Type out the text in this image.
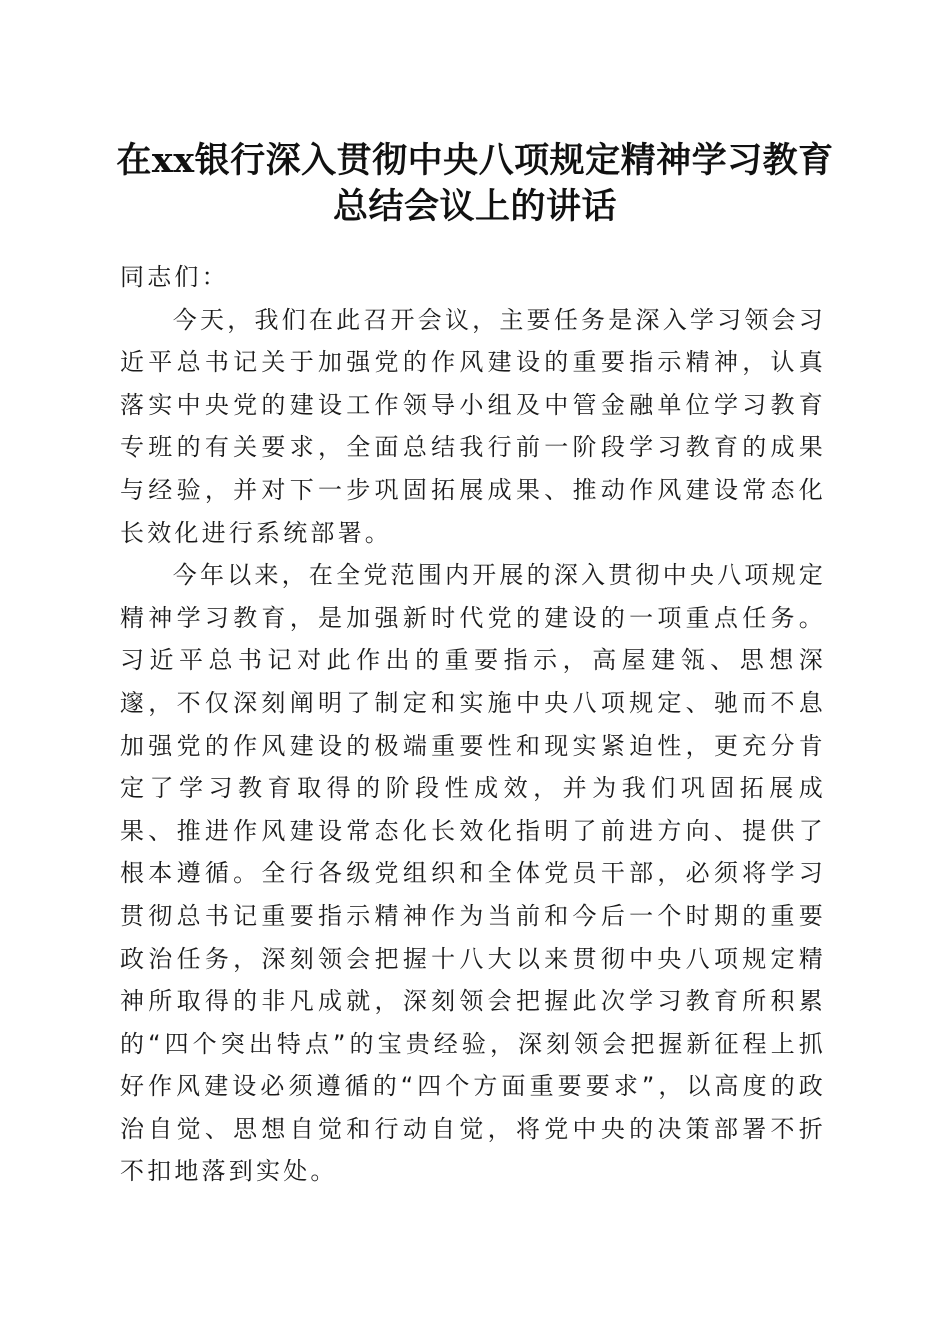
在xx银行深入贯彻中央八项规定精神学习教育总结会议上的讲话

同志们：

今天，我们在此召开会议，主要任务是深入学习领会习近平总书记关于加强党的作风建设的重要指示精神，认真落实中央党的建设工作领导小组及中管金融单位学习教育专班的有关要求，全面总结我行前一阶段学习教育的成果与经验，并对下一步巩固拓展成果、推动作风建设常态化长效化进行系统部署。

今年以来，在全党范围内开展的深入贯彻中央八项规定精神学习教育，是加强新时代党的建设的一项重点任务。习近平总书记对此作出的重要指示，高屋建瓴、思想深邃，不仅深刻阐明了制定和实施中央八项规定、驰而不息加强党的作风建设的极端重要性和现实紧迫性，更充分肯定了学习教育取得的阶段性成效，并为我们巩固拓展成果、推进作风建设常态化长效化指明了前进方向、提供了根本遵循。全行各级党组织和全体党员干部，必须将学习贯彻总书记重要指示精神作为当前和今后一个时期的重要政治任务，深刻领会把握十八大以来贯彻中央八项规定精神所取得的非凡成就，深刻领会把握此次学习教育所积累的“四个突出特点”的宝贵经验，深刻领会把握新征程上抓好作风建设必须遵循的“四个方面重要要求”，以高度的政治自觉、思想自觉和行动自觉，将党中央的决策部署不折不扣地落到实处。
